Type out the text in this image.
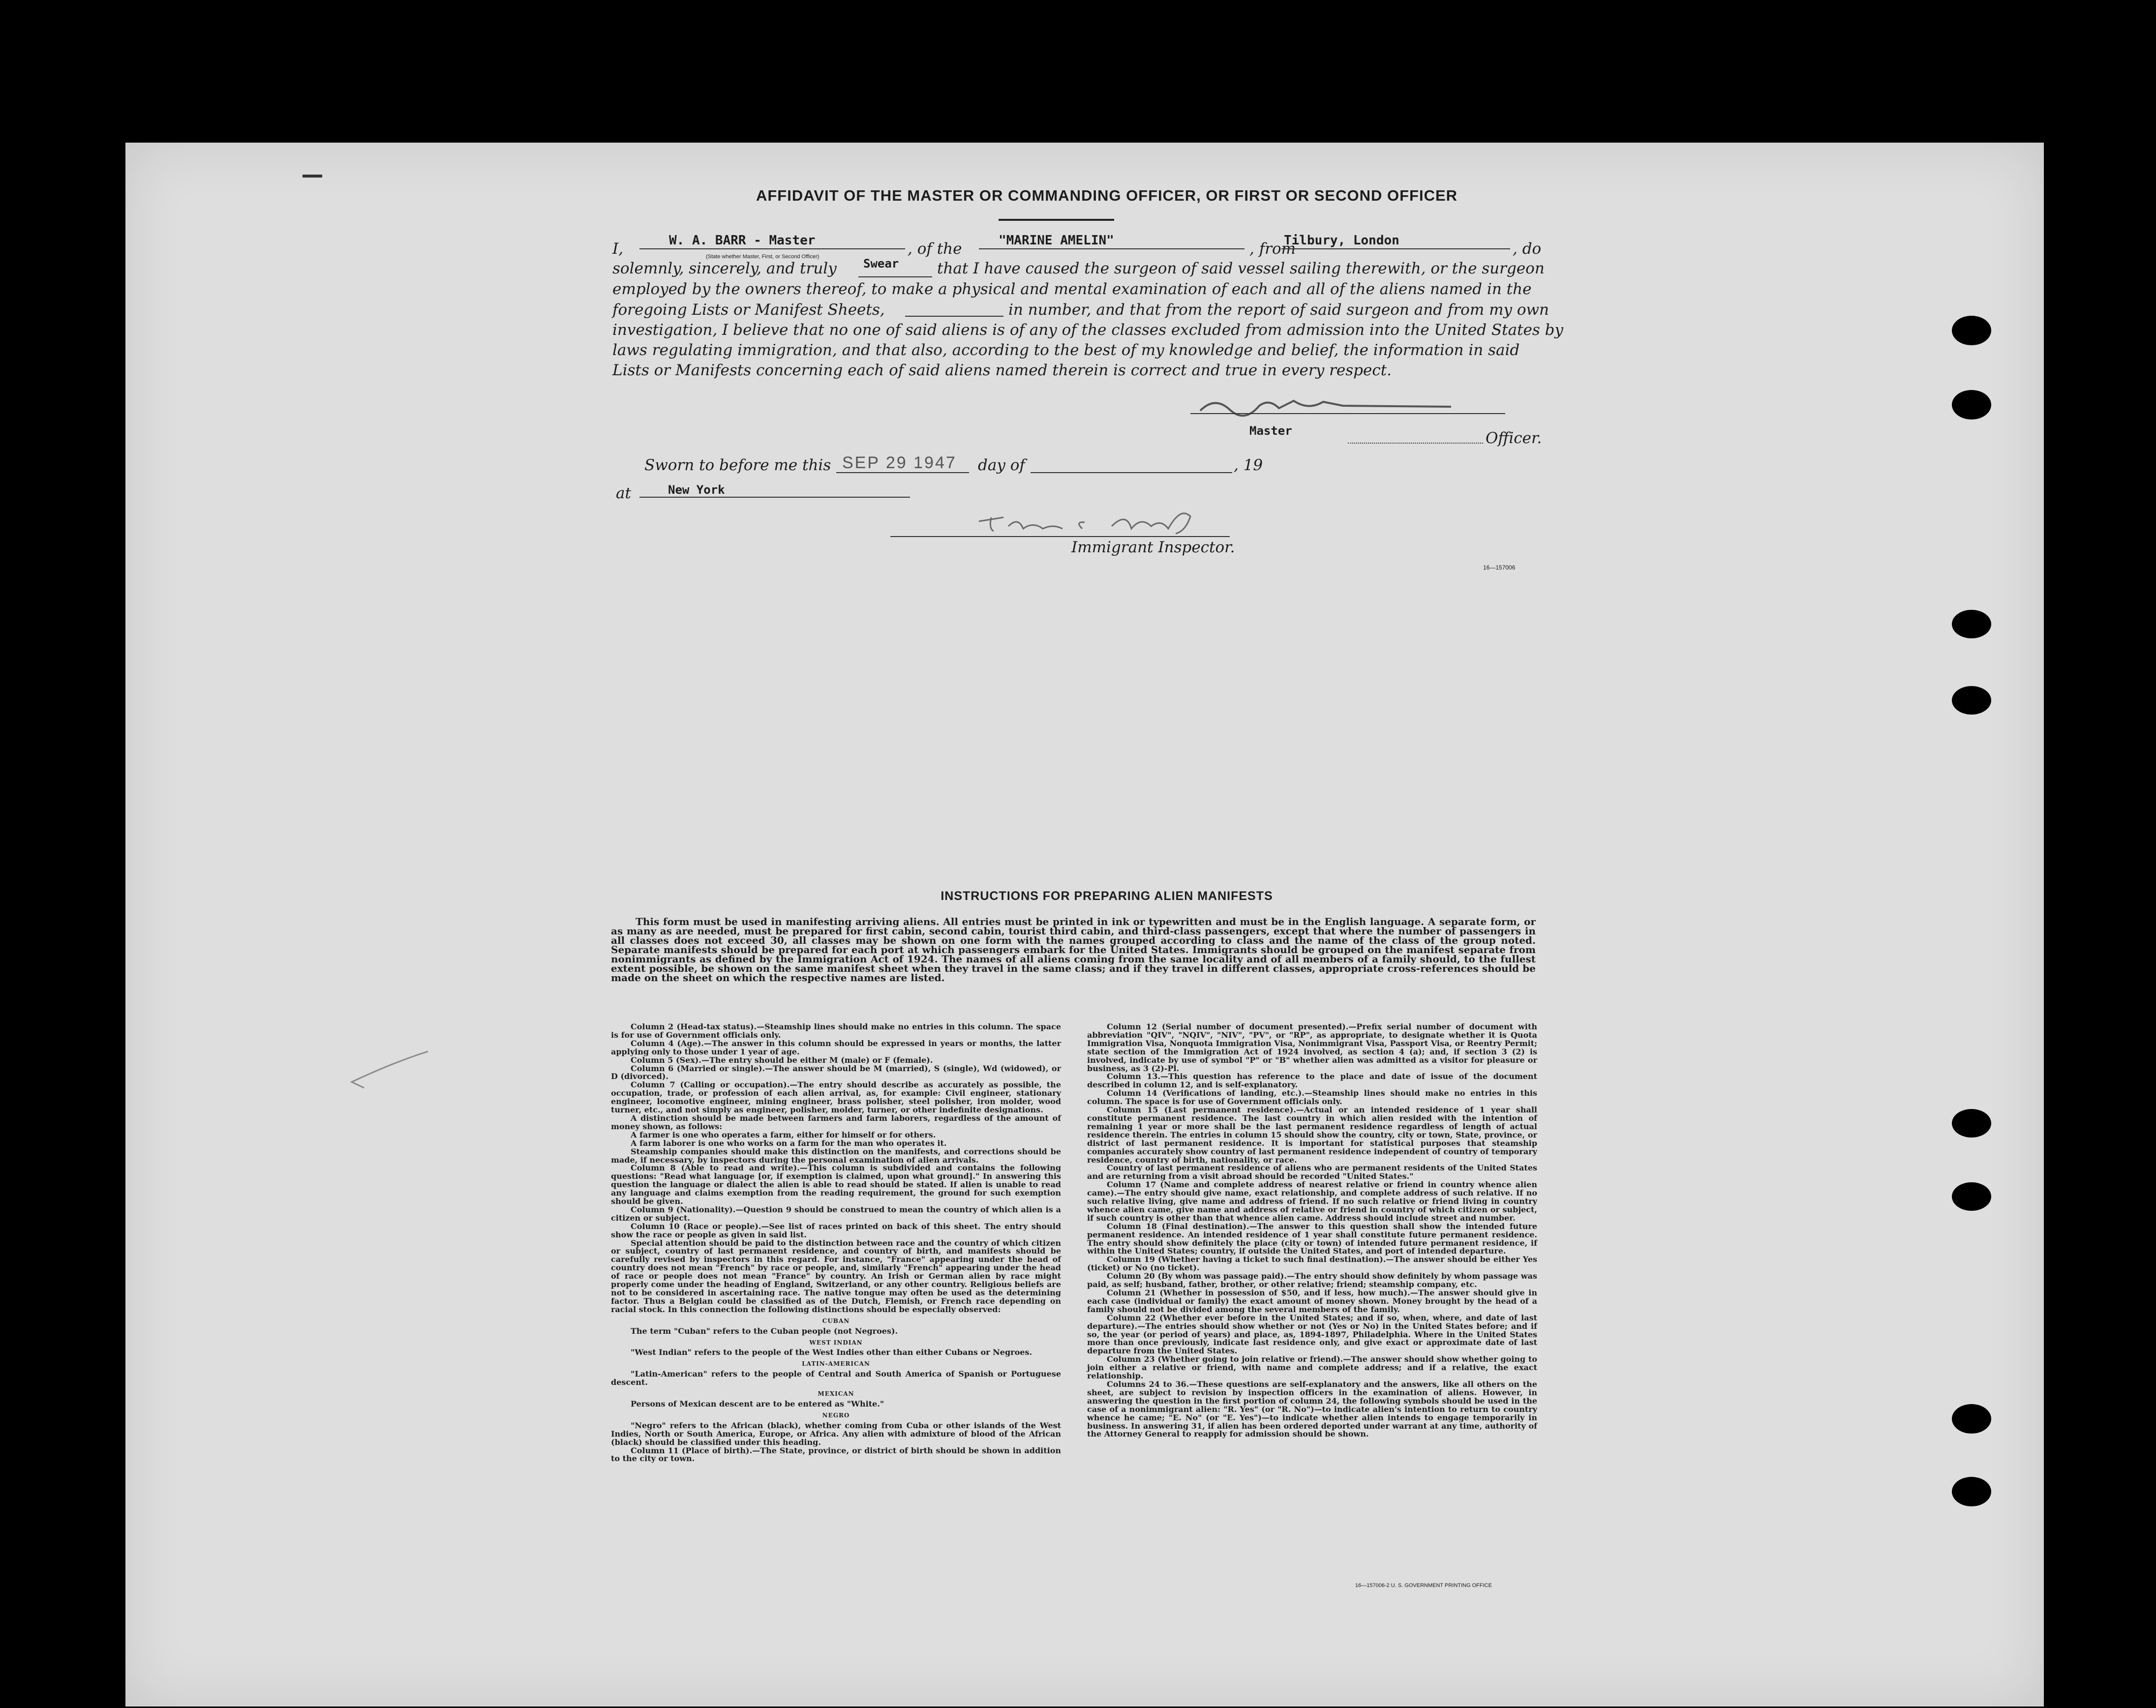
AFFIDAVIT OF THE MASTER OR COMMANDING OFFICER, OR FIRST OR SECOND OFFICER
I,	W. A. BARR - Master	, of the	"MARINE AMELIN"	, from
Tilbury, London	, do
(State whether Master, First, or Second Officer)
solemnly, sincerely, and truly Swear	that I have caused the surgeon of said vessel sailing therewith, or the surgeon
employed by the owners thereof, to make a physical and mental examination of each and all of the aliens named in the
foregoing Lists or Manifest Sheets,	in number, and that from the report of said surgeon and from my own
investigation, I believe that no one of said aliens is of any of the classes excluded from admission into the United States by
laws regulating immigration, and that also, according to the best of my knowledge and belief, the information in said
Lists or Manifests concerning each of said aliens named therein is correct and true in every respect.
Master	Officer.
Sworn to before me this SEP 29 1947 day of	, 19
at	New York
Immigrant Inspector.
16—157006
INSTRUCTIONS FOR PREPARING ALIEN MANIFESTS

This form must be used in manifesting arriving aliens. All entries must be printed in ink or typewritten and must be in the English language. A separate form, or as many as are needed, must be prepared for first cabin, second cabin, tourist third cabin, and third-class passengers, except that where the number of passengers in all classes does not exceed 30, all classes may be shown on one form with the names grouped according to class and the name of the class of the group noted. Separate manifests should be prepared for each port at which passengers embark for the United States. Immigrants should be grouped on the manifest separate from nonimmigrants as defined by the Immigration Act of 1924. The names of all aliens coming from the same locality and of all members of a family should, to the fullest extent possible, be shown on the same manifest sheet when they travel in the same class; and if they travel in different classes, appropriate cross-references should be made on the sheet on which the respective names are listed.

Column 2 (Head-tax status).—Steamship lines should make no entries in this column. The space is for use of Government officials only.

Column 4 (Age).—The answer in this column should be expressed in years or months, the latter applying only to those under 1 year of age.

Column 5 (Sex).—The entry should be either M (male) or F (female).

Column 6 (Married or single).—The answer should be M (married), S (single), Wd (widowed), or D (divorced).

Column 7 (Calling or occupation).—The entry should describe as accurately as possible, the occupation, trade, or profession of each alien arrival, as, for example: Civil engineer, stationary engineer, locomotive engineer, mining engineer, brass polisher, steel polisher, iron molder, wood turner, etc., and not simply as engineer, polisher, molder, turner, or other indefinite designations.

A distinction should be made between farmers and farm laborers, regardless of the amount of money shown, as follows:

A farmer is one who operates a farm, either for himself or for others.

A farm laborer is one who works on a farm for the man who operates it.

Steamship companies should make this distinction on the manifests, and corrections should be made, if necessary, by inspectors during the personal examination of alien arrivals.

Column 8 (Able to read and write).—This column is subdivided and contains the following questions: "Read what language [or, if exemption is claimed, upon what ground]." In answering this question the language or dialect the alien is able to read should be stated. If alien is unable to read any language and claims exemption from the reading requirement, the ground for such exemption should be given.

Column 9 (Nationality).—Question 9 should be construed to mean the country of which alien is a citizen or subject.

Column 10 (Race or people).—See list of races printed on back of this sheet. The entry should show the race or people as given in said list.

Special attention should be paid to the distinction between race and the country of which citizen or subject, country of last permanent residence, and country of birth, and manifests should be carefully revised by inspectors in this regard. For instance, "France" appearing under the head of country does not mean "French" by race or people, and, similarly "French" appearing under the head of race or people does not mean "France" by country. An Irish or German alien by race might properly come under the heading of England, Switzerland, or any other country. Religious beliefs are not to be considered in ascertaining race. The native tongue may often be used as the determining factor. Thus a Belgian could be classified as of the Dutch, Flemish, or French race depending on racial stock. In this connection the following distinctions should be especially observed:

CUBAN

The term "Cuban" refers to the Cuban people (not Negroes).

WEST INDIAN

"West Indian" refers to the people of the West Indies other than either Cubans or Negroes.

LATIN-AMERICAN

"Latin-American" refers to the people of Central and South America of Spanish or Portuguese descent.

MEXICAN

Persons of Mexican descent are to be entered as "White."

NEGRO

"Negro" refers to the African (black), whether coming from Cuba or other islands of the West Indies, North or South America, Europe, or Africa. Any alien with admixture of blood of the African (black) should be classified under this heading.

Column 11 (Place of birth).—The State, province, or district of birth should be shown in addition to the city or town.

Column 12 (Serial number of document presented).—Prefix serial number of document with abbreviation "QIV", "NQIV", "NIV", "PV", or "RP", as appropriate, to designate whether it is Quota Immigration Visa, Nonquota Immigration Visa, Nonimmigrant Visa, Passport Visa, or Reentry Permit; state section of the Immigration Act of 1924 involved, as section 4 (a); and, if section 3 (2) is involved, indicate by use of symbol "P" or "B" whether alien was admitted as a visitor for pleasure or business, as 3 (2)-Pl.

Column 13.—This question has reference to the place and date of issue of the document described in column 12, and is self-explanatory.

Column 14 (Verifications of landing, etc.).—Steamship lines should make no entries in this column. The space is for use of Government officials only.

Column 15 (Last permanent residence).—Actual or an intended residence of 1 year shall constitute permanent residence. The last country in which alien resided with the intention of remaining 1 year or more shall be the last permanent residence regardless of length of actual residence therein. The entries in column 15 should show the country, city or town, State, province, or district of last permanent residence. It is important for statistical purposes that steamship companies accurately show country of last permanent residence independent of country of temporary residence, country of birth, nationality, or race.

Country of last permanent residence of aliens who are permanent residents of the United States and are returning from a visit abroad should be recorded "United States."

Column 17 (Name and complete address of nearest relative or friend in country whence alien came).—The entry should give name, exact relationship, and complete address of such relative. If no such relative living, give name and address of friend. If no such relative or friend living in country whence alien came, give name and address of relative or friend in country of which citizen or subject, if such country is other than that whence alien came. Address should include street and number.

Column 18 (Final destination).—The answer to this question shall show the intended future permanent residence. An intended residence of 1 year shall constitute future permanent residence. The entry should show definitely the place (city or town) of intended future permanent residence, if within the United States; country, if outside the United States, and port of intended departure.

Column 19 (Whether having a ticket to such final destination).—The answer should be either Yes (ticket) or No (no ticket).

Column 20 (By whom was passage paid).—The entry should show definitely by whom passage was paid, as self; husband, father, brother, or other relative; friend; steamship company, etc.

Column 21 (Whether in possession of $50, and if less, how much).—The answer should give in each case (individual or family) the exact amount of money shown. Money brought by the head of a family should not be divided among the several members of the family.

Column 22 (Whether ever before in the United States; and if so, when, where, and date of last departure).—The entries should show whether or not (Yes or No) in the United States before; and if so, the year (or period of years) and place, as, 1894-1897, Philadelphia. Where in the United States more than once previously, indicate last residence only, and give exact or approximate date of last departure from the United States.

Column 23 (Whether going to join relative or friend).—The answer should show whether going to join either a relative or friend, with name and complete address; and if a relative, the exact relationship.

Columns 24 to 36.—These questions are self-explanatory and the answers, like all others on the sheet, are subject to revision by inspection officers in the examination of aliens. However, in answering the question in the first portion of column 24, the following symbols should be used in the case of a nonimmigrant alien: "R. Yes" (or "R. No")—to indicate alien's intention to return to country whence he came; "E. No" (or "E. Yes")—to indicate whether alien intends to engage temporarily in business. In answering 31, if alien has been ordered deported under warrant at any time, authority of the Attorney General to reapply for admission should be shown.

16—157006-2 U. S. GOVERNMENT PRINTING OFFICE
